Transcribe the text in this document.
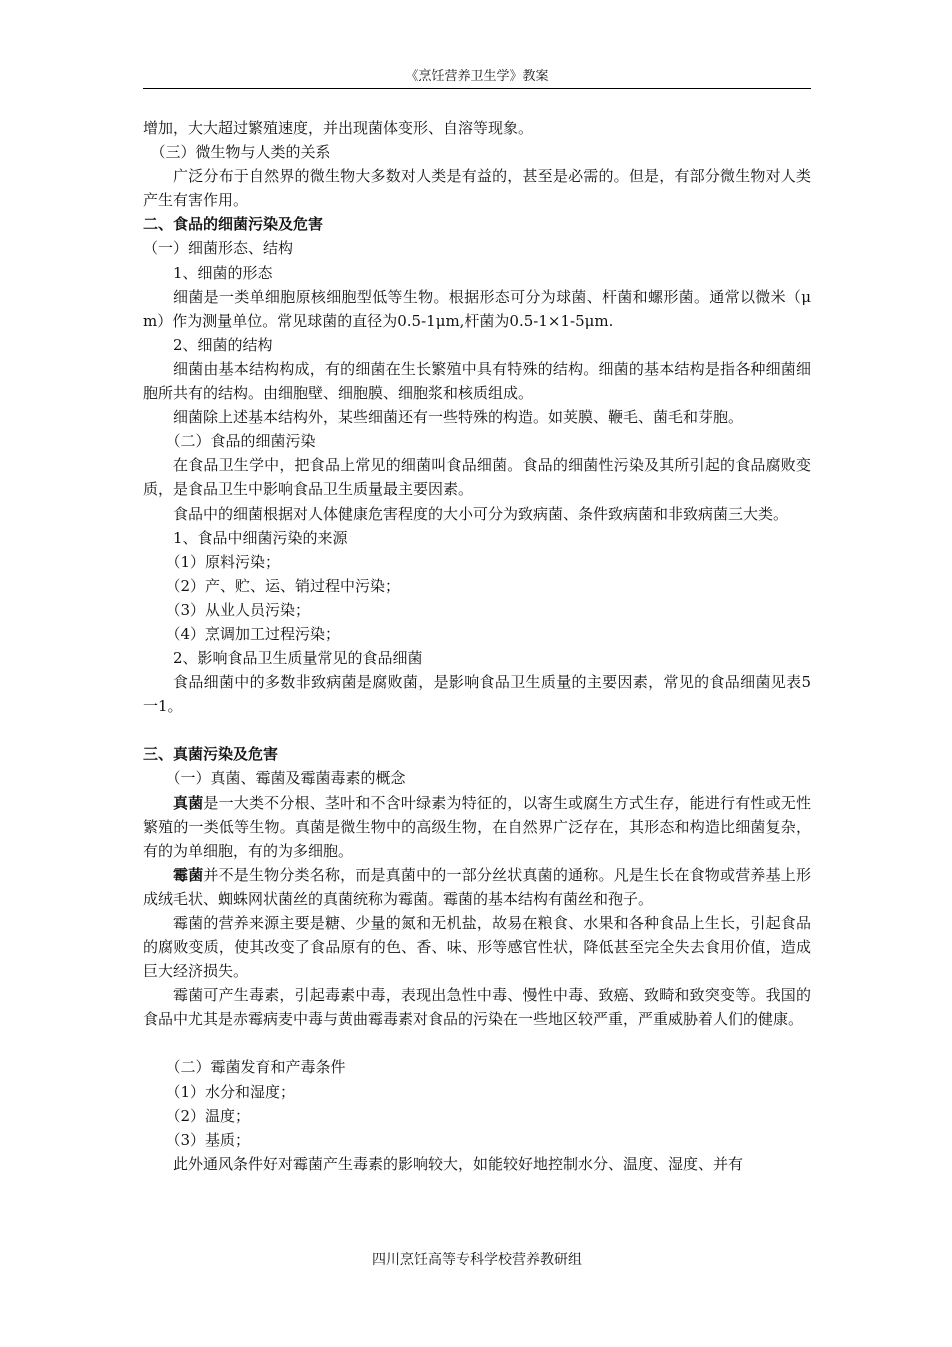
《烹饪营养卫生学》教案

增加，大大超过繁殖速度，并出现菌体变形、自溶等现象。

（三）微生物与人类的关系

广泛分布于自然界的微生物大多数对人类是有益的，甚至是必需的。但是，有部分微生物对人类产生有害作用。

二、食品的细菌污染及危害

（一）细菌形态、结构

1、细菌的形态

细菌是一类单细胞原核细胞型低等生物。根据形态可分为球菌、杆菌和螺形菌。通常以微米（μm）作为测量单位。常见球菌的直径为0.5-1μm,杆菌为0.5-1×1-5μm.

2、细菌的结构

细菌由基本结构构成，有的细菌在生长繁殖中具有特殊的结构。细菌的基本结构是指各种细菌细胞所共有的结构。由细胞壁、细胞膜、细胞浆和核质组成。

细菌除上述基本结构外，某些细菌还有一些特殊的构造。如荚膜、鞭毛、菌毛和芽胞。

（二）食品的细菌污染

在食品卫生学中，把食品上常见的细菌叫食品细菌。食品的细菌性污染及其所引起的食品腐败变质，是食品卫生中影响食品卫生质量最主要因素。

食品中的细菌根据对人体健康危害程度的大小可分为致病菌、条件致病菌和非致病菌三大类。

1、食品中细菌污染的来源

（1）原料污染；

（2）产、贮、运、销过程中污染；

（3）从业人员污染；

（4）烹调加工过程污染；

2、影响食品卫生质量常见的食品细菌

食品细菌中的多数非致病菌是腐败菌，是影响食品卫生质量的主要因素，常见的食品细菌见表5一1。

三、真菌污染及危害

（一）真菌、霉菌及霉菌毒素的概念

真菌是一大类不分根、茎叶和不含叶绿素为特征的，以寄生或腐生方式生存，能进行有性或无性繁殖的一类低等生物。真菌是微生物中的高级生物，在自然界广泛存在，其形态和构造比细菌复杂，有的为单细胞，有的为多细胞。

霉菌并不是生物分类名称，而是真菌中的一部分丝状真菌的通称。凡是生长在食物或营养基上形成绒毛状、蜘蛛网状菌丝的真菌统称为霉菌。霉菌的基本结构有菌丝和孢子。

霉菌的营养来源主要是糖、少量的氮和无机盐，故易在粮食、水果和各种食品上生长，引起食品的腐败变质，使其改变了食品原有的色、香、味、形等感官性状，降低甚至完全失去食用价值，造成巨大经济损失。

霉菌可产生毒素，引起毒素中毒，表现出急性中毒、慢性中毒、致癌、致畸和致突变等。我国的食品中尤其是赤霉病麦中毒与黄曲霉毒素对食品的污染在一些地区较严重，严重威胁着人们的健康。

（二）霉菌发育和产毒条件

（1）水分和湿度；

（2）温度；

（3）基质；

此外通风条件好对霉菌产生毒素的影响较大，如能较好地控制水分、温度、湿度、并有

四川烹饪高等专科学校营养教研组
